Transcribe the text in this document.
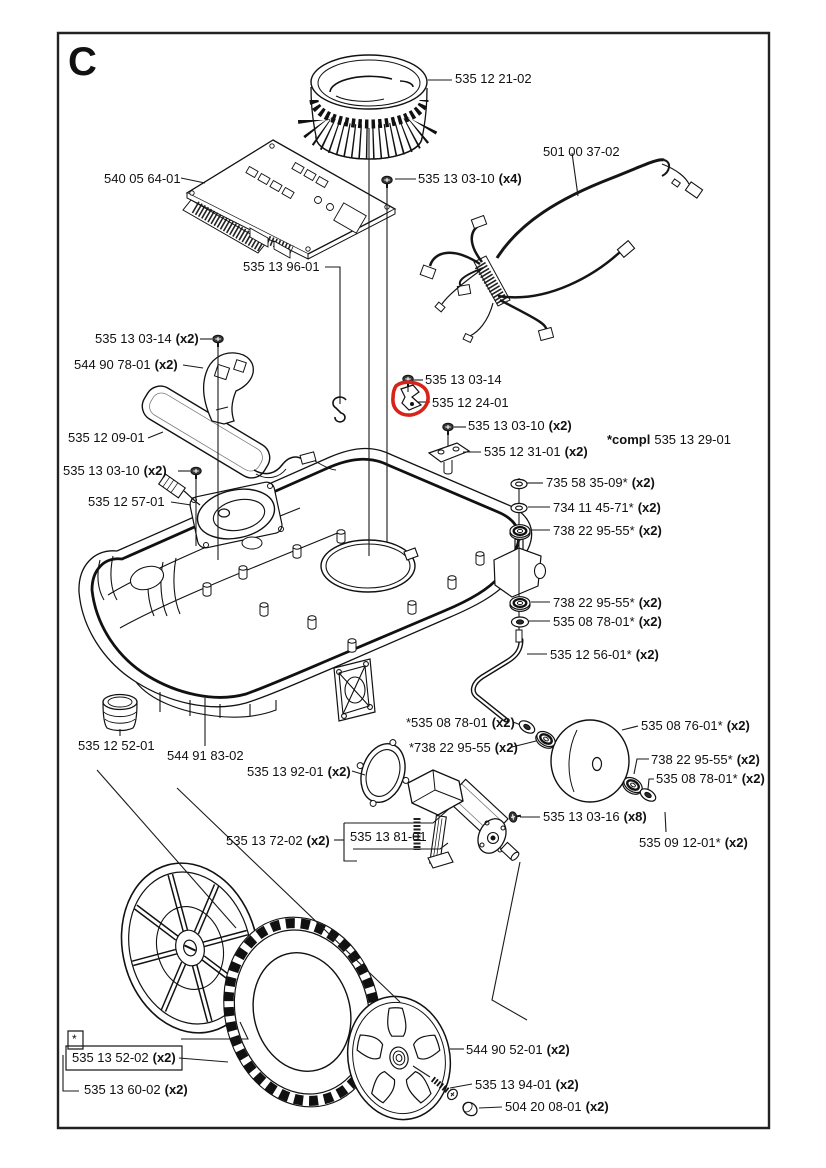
C	535 12 21-02
540 05 64-01	535 13 03-10 (x4)
501 00 37-02
535 13 96-01
535 13 03-14 (x2)
544 90 78-01 (x2)
535 12 09-01
535 13 03-10 (x2)
535 12 57-01
535 13 03-14
535 12 24-01
535 13 03-10 (x2)
535 12 31-01 (x2)
*compl 535 13 29-01
735 58 35-09* (x2)
734 11 45-71* (x2)
738 22 95-55* (x2)
738 22 95-55* (x2)
535 08 78-01* (x2)
535 12 56-01* (x2)
*535 08 78-01 (x2)
*738 22 95-55 (x2)
535 08 76-01* (x2)
738 22 95-55* (x2)
535 08 78-01* (x2)
535 13 03-16 (x8)
535 09 12-01* (x2)
535 12 52-01
544 91 83-02
535 13 92-01 (x2)
535 13 72-02 (x2) 535 13 81-01
544 90 52-01 (x2)
535 13 94-01 (x2)
504 20 08-01 (x2)
*
535 13 52-02 (x2)
535 13 60-02 (x2)
